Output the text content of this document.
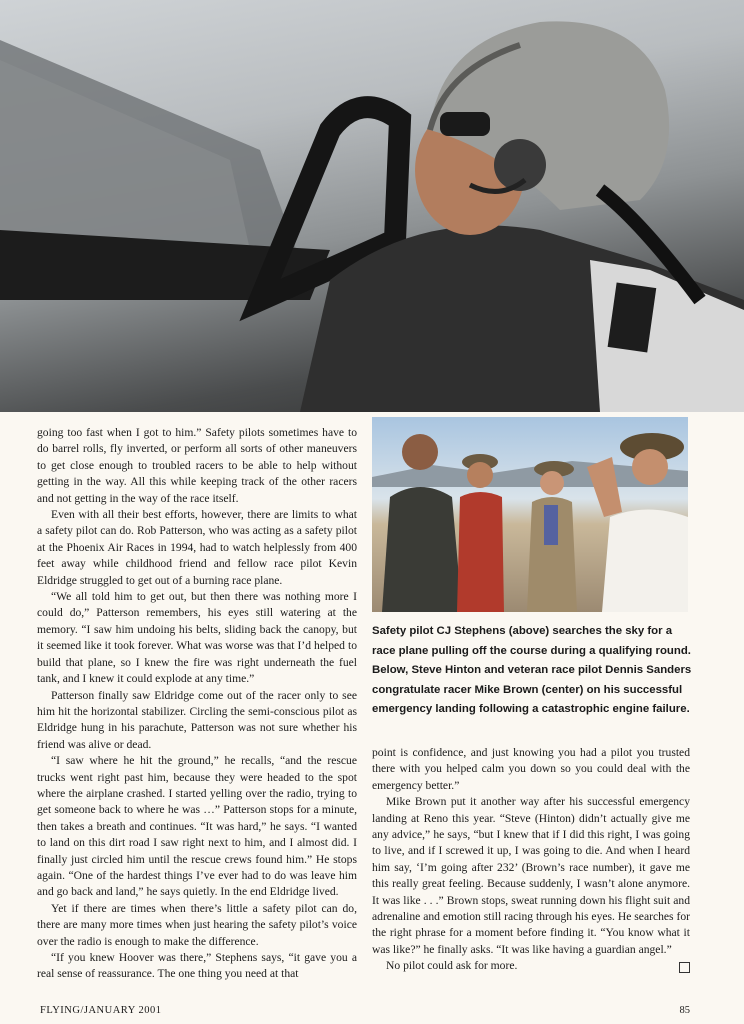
Safety pilot CJ Stephens (above) searches the sky for a race plane pulling off the course during a qualifying round. Below, Steve Hinton and veteran race pilot Dennis Sanders congratulate racer Mike Brown (center) on his successful emergency landing following a catastrophic engine failure.

going too fast when I got to him.” Safety pilots sometimes have to do barrel rolls, fly inverted, or perform all sorts of other maneuvers to get close enough to troubled racers to be able to help without getting in the way. All this while keeping track of the other racers and not getting in the way of the race itself.

Even with all their best efforts, however, there are limits to what a safety pilot can do. Rob Patterson, who was acting as a safety pilot at the Phoenix Air Races in 1994, had to watch helplessly from 400 feet away while childhood friend and fellow race pilot Kevin Eldridge struggled to get out of a burning race plane.

“We all told him to get out, but then there was nothing more I could do,” Patterson remembers, his eyes still watering at the memory. “I saw him undoing his belts, sliding back the canopy, but it seemed like it took forever. What was worse was that I’d helped to build that plane, so I knew the fire was right underneath the fuel tank, and I knew it could explode at any time.”

Patterson finally saw Eldridge come out of the racer only to see him hit the horizontal stabilizer. Circling the semi-conscious pilot as Eldridge hung in his parachute, Patterson was not sure whether his friend was alive or dead.

“I saw where he hit the ground,” he recalls, “and the rescue trucks went right past him, because they were headed to the spot where the airplane crashed. I started yelling over the radio, trying to get someone back to where he was …” Patterson stops for a minute, then takes a breath and continues. “It was hard,” he says. “I wanted to land on this dirt road I saw right next to him, and I almost did. I finally just circled him until the rescue crews found him.” He stops again. “One of the hardest things I’ve ever had to do was leave him and go back and land,” he says quietly. In the end Eldridge lived.

Yet if there are times when there’s little a safety pilot can do, there are many more times when just hearing the safety pilot’s voice over the radio is enough to make the difference.

“If you knew Hoover was there,” Stephens says, “it gave you a real sense of reassurance. The one thing you need at that

point is confidence, and just knowing you had a pilot you trusted there with you helped calm you down so you could deal with the emergency better.”

Mike Brown put it another way after his successful emergency landing at Reno this year. “Steve (Hinton) didn’t actually give me any advice,” he says, “but I knew that if I did this right, I was going to live, and if I screwed it up, I was going to die. And when I heard him say, ‘I’m going after 232’ (Brown’s race number), it gave me this really great feeling. Because suddenly, I wasn’t alone anymore. It was like . . .” Brown stops, sweat running down his flight suit and adrenaline and emotion still racing through his eyes. He searches for the right phrase for a moment before finding it. “You know what it was like?” he finally asks. “It was like having a guardian angel.”

No pilot could ask for more.

FLYING/JANUARY 2001	85
